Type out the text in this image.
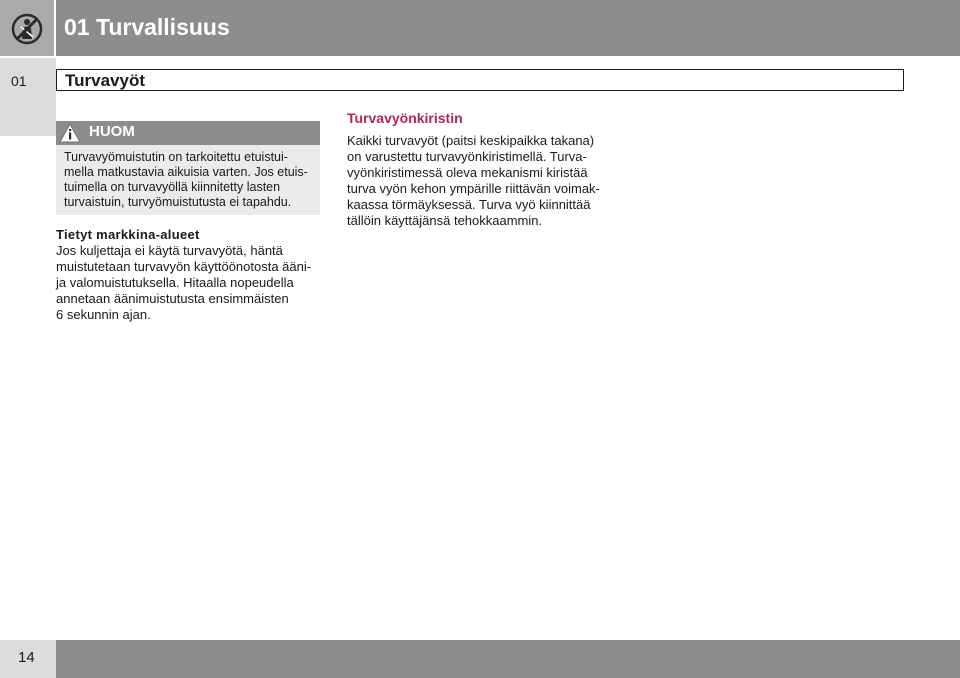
01 Turvallisuus
01 Turvavyöt
HUOM
Turvavyömuistutin on tarkoitettu etuistui-
mella matkustavia aikuisia varten. Jos etuis-
tuimella on turvavyöllä kiinnitetty lasten
turvaistuin, turvyömuistutusta ei tapahdu.
Tietyt markkina-alueet
Jos kuljettaja ei käytä turvavyötä, häntä
muistutetaan turvavyön käyttöönotosta ääni-
ja valomuistutuksella. Hitaalla nopeudella
annetaan äänimuistutusta ensimmäisten
6 sekunnin ajan.
Turvavyönkiristin
Kaikki turvavyöt (paitsi keskipaikka takana)
on varustettu turvavyönkiristimellä. Turva-
vyönkiristimessä oleva mekanismi kiristää
turva vyön kehon ympärille riittävän voimak-
kaassa törmäyksessä. Turva vyö kiinnittää
tällöin käyttäjänsä tehokkaammin.
14
